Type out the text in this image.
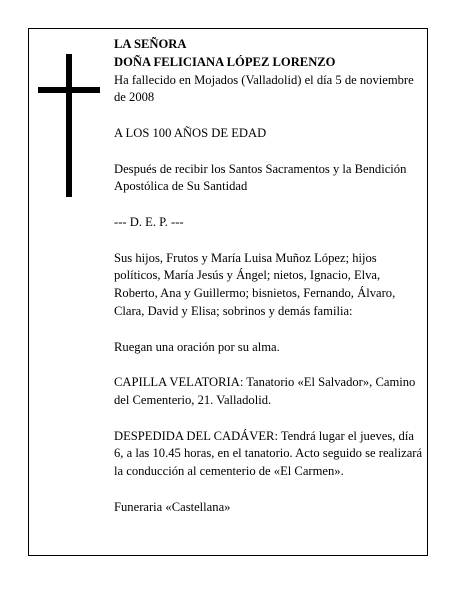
LA SEÑORA

DOÑA FELICIANA LÓPEZ LORENZO

Ha fallecido en Mojados (Valladolid) el día 5 de noviembre de 2008

A LOS 100 AÑOS DE EDAD

Después de recibir los Santos Sacramentos y la Bendición Apostólica de Su Santidad

--- D. E. P. ---

Sus hijos, Frutos y María Luisa Muñoz López; hijos políticos, María Jesús y Ángel; nietos, Ignacio, Elva, Roberto, Ana y Guillermo; bisnietos, Fernando, Álvaro, Clara, David y Elisa; sobrinos y demás familia:

Ruegan una oración por su alma.

CAPILLA VELATORIA: Tanatorio «El Salvador», Camino del Cementerio, 21. Valladolid.

DESPEDIDA DEL CADÁVER: Tendrá lugar el jueves, día 6, a las 10.45 horas, en el tanatorio. Acto seguido se realizará la conducción al cementerio de «El Carmen».

Funeraria «Castellana»
